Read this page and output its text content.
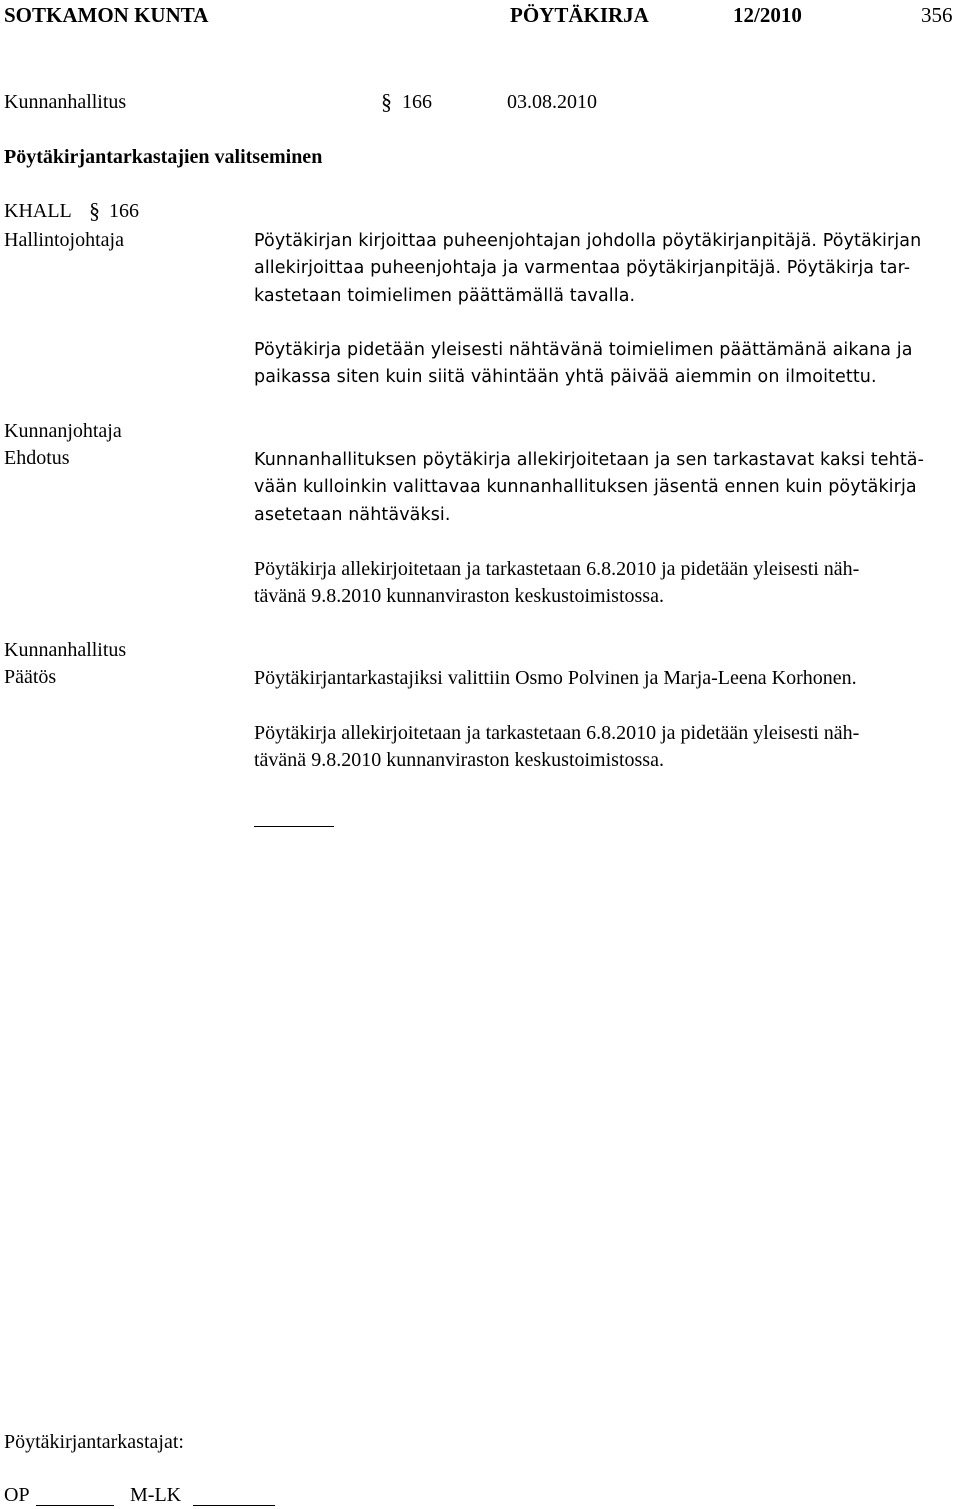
SOTKAMON KUNTA	PÖYTÄKIRJA	12/2010	356
Kunnanhallitus	§ 166	03.08.2010
Pöytäkirjantarkastajien valitseminen
KHALL § 166
Hallintojohtaja	Pöytäkirjan kirjoittaa puheenjohtajan johdolla pöytäkirjanpitäjä. Pöytäkirjan
allekirjoittaa puheenjohtaja ja varmentaa pöytäkirjanpitäjä. Pöytäkirja tar-
kastetaan toimielimen päättämällä tavalla.
Pöytäkirja pidetään yleisesti nähtävänä toimielimen päättämänä aikana ja
paikassa siten kuin siitä vähintään yhtä päivää aiemmin on ilmoitettu.
Kunnanjohtaja
Ehdotus	Kunnanhallituksen pöytäkirja allekirjoitetaan ja sen tarkastavat kaksi tehtä-
vään kulloinkin valittavaa kunnanhallituksen jäsentä ennen kuin pöytäkirja
asetetaan nähtäväksi.
Pöytäkirja allekirjoitetaan ja tarkastetaan 6.8.2010 ja pidetään yleisesti näh-
tävänä 9.8.2010 kunnanviraston keskustoimistossa.
Kunnanhallitus
Päätös	Pöytäkirjantarkastajiksi valittiin Osmo Polvinen ja Marja-Leena Korhonen.
Pöytäkirja allekirjoitetaan ja tarkastetaan 6.8.2010 ja pidetään yleisesti näh-
tävänä 9.8.2010 kunnanviraston keskustoimistossa.
Pöytäkirjantarkastajat:
OP	M-LK
